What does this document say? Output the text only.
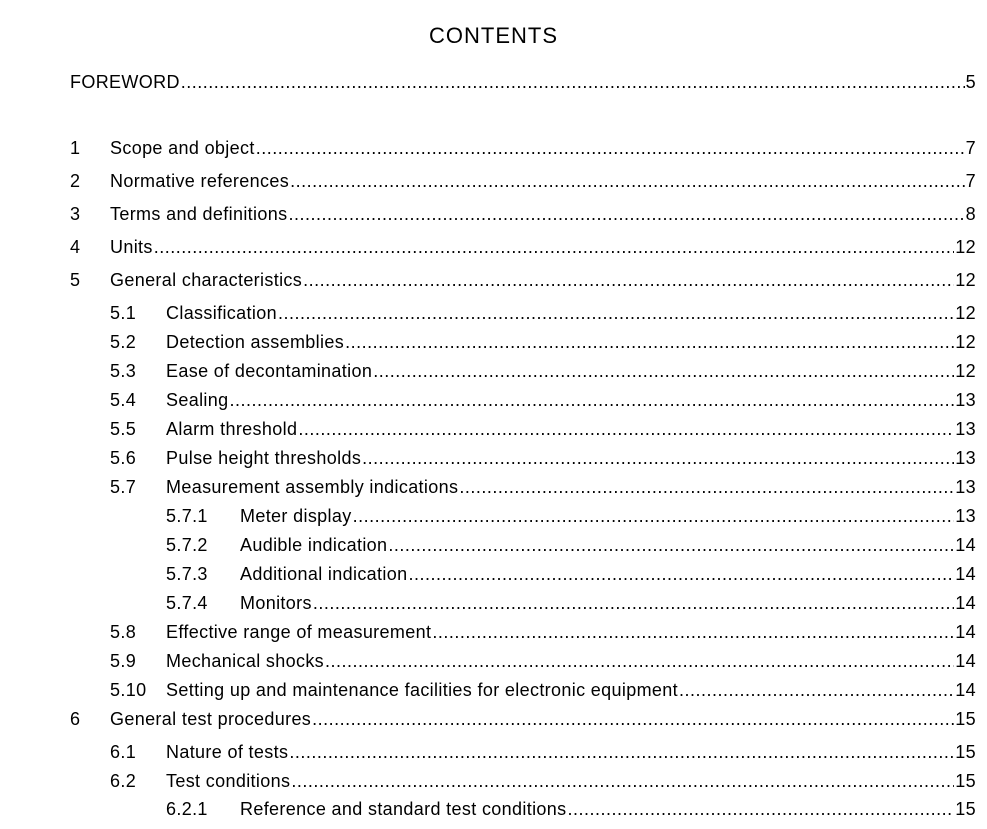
CONTENTS
FOREWORD .....	5
1	Scope and object .....	7
2	Normative references .....	7
3	Terms and definitions .....	8
4	Units .....	12
5	General characteristics .....	12
5.1	Classification .....	12
5.2	Detection assemblies .....	12
5.3	Ease of decontamination .....	12
5.4	Sealing .....	13
5.5	Alarm threshold .....	13
5.6	Pulse height thresholds .....	13
5.7	Measurement assembly indications .....	13
5.7.1	Meter display .....	13
5.7.2	Audible indication .....	14
5.7.3	Additional indication .....	14
5.7.4	Monitors .....	14
5.8	Effective range of measurement .....	14
5.9	Mechanical shocks .....	14
5.10	Setting up and maintenance facilities for electronic equipment .....	14
6	General test procedures .....	15
6.1	Nature of tests .....	15
6.2	Test conditions .....	15
6.2.1	Reference and standard test conditions .....	15
